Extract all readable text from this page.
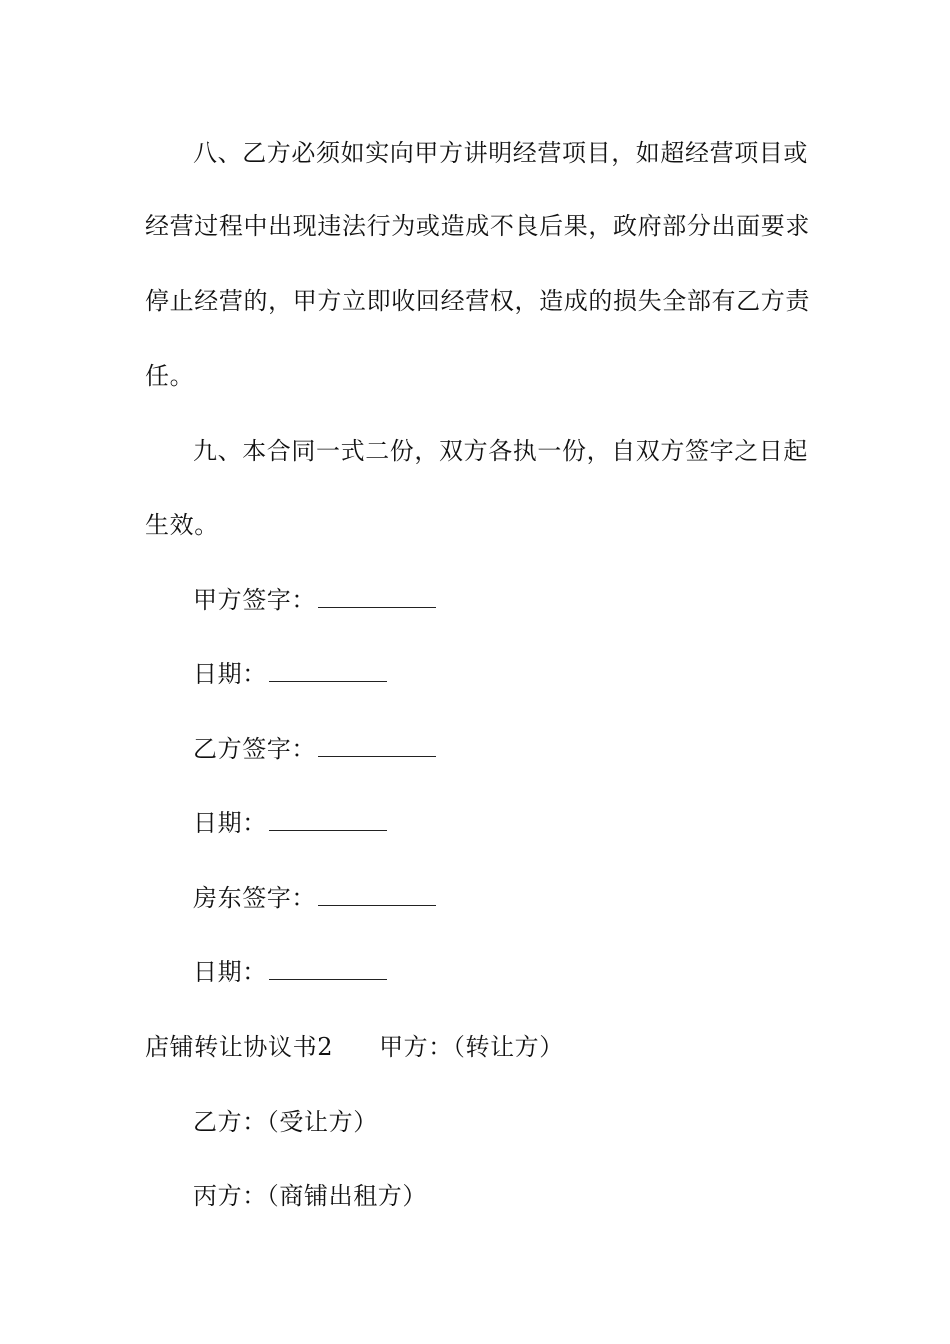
八、乙方必须如实向甲方讲明经营项目，如超经营项目或
经营过程中出现违法行为或造成不良后果，政府部分出面要求
停止经营的，甲方立即收回经营权，造成的损失全部有乙方责
任。
九、本合同一式二份，双方各执一份，自双方签字之日起
生效。
甲方签字：
日期：
乙方签字：
日期：
房东签字：
日期：
店铺转让协议书2 甲方：（转让方）
乙方：（受让方）
丙方：（商铺出租方）
